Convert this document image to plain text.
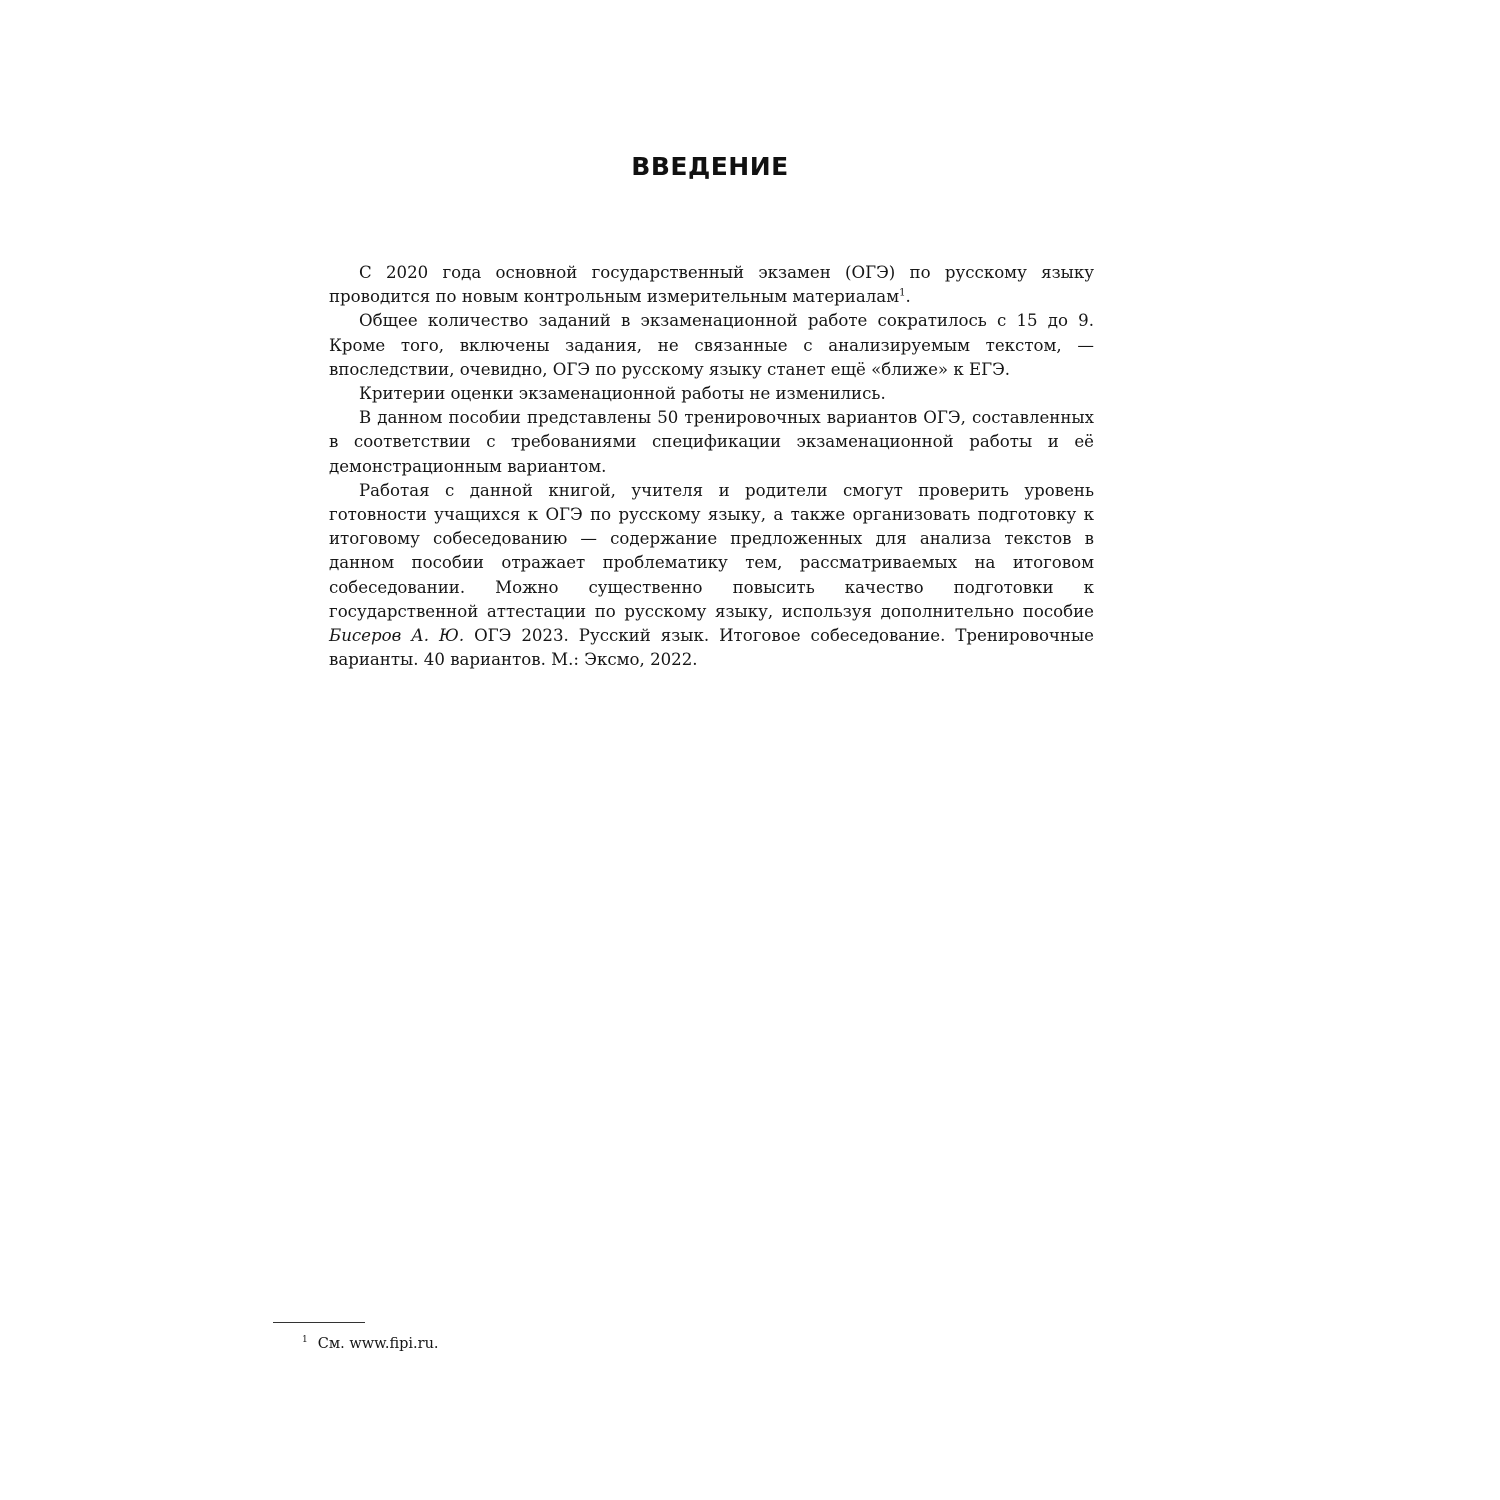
ВВЕДЕНИЕ

С 2020 года основной государственный экзамен (ОГЭ) по русскому языку проводится по новым контрольным измерительным материалам$^1$.

Общее количество заданий в экзаменационной работе сократилось с 15 до 9. Кроме того, включены задания, не связанные с анализируемым текстом, — впоследствии, очевидно, ОГЭ по русскому языку станет ещё «ближе» к ЕГЭ.

Критерии оценки экзаменационной работы не изменились.

В данном пособии представлены 50 тренировочных вариантов ОГЭ, составленных в соответствии с требованиями спецификации экзаменационной работы и её демонстрационным вариантом.

Работая с данной книгой, учителя и родители смогут проверить уровень готовности учащихся к ОГЭ по русскому языку, а также организовать подготовку к итоговому собеседованию — содержание предложенных для анализа текстов в данном пособии отражает проблематику тем, рассматриваемых на итоговом собеседовании. Можно существенно повысить качество подготовки к государственной аттестации по русскому языку, используя дополнительно пособие Бисеров А. Ю. ОГЭ 2023. Русский язык. Итоговое собеседование. Тренировочные варианты. 40 вариантов. М.: Эксмо, 2022.

$^1$ См. www.fipi.ru.
